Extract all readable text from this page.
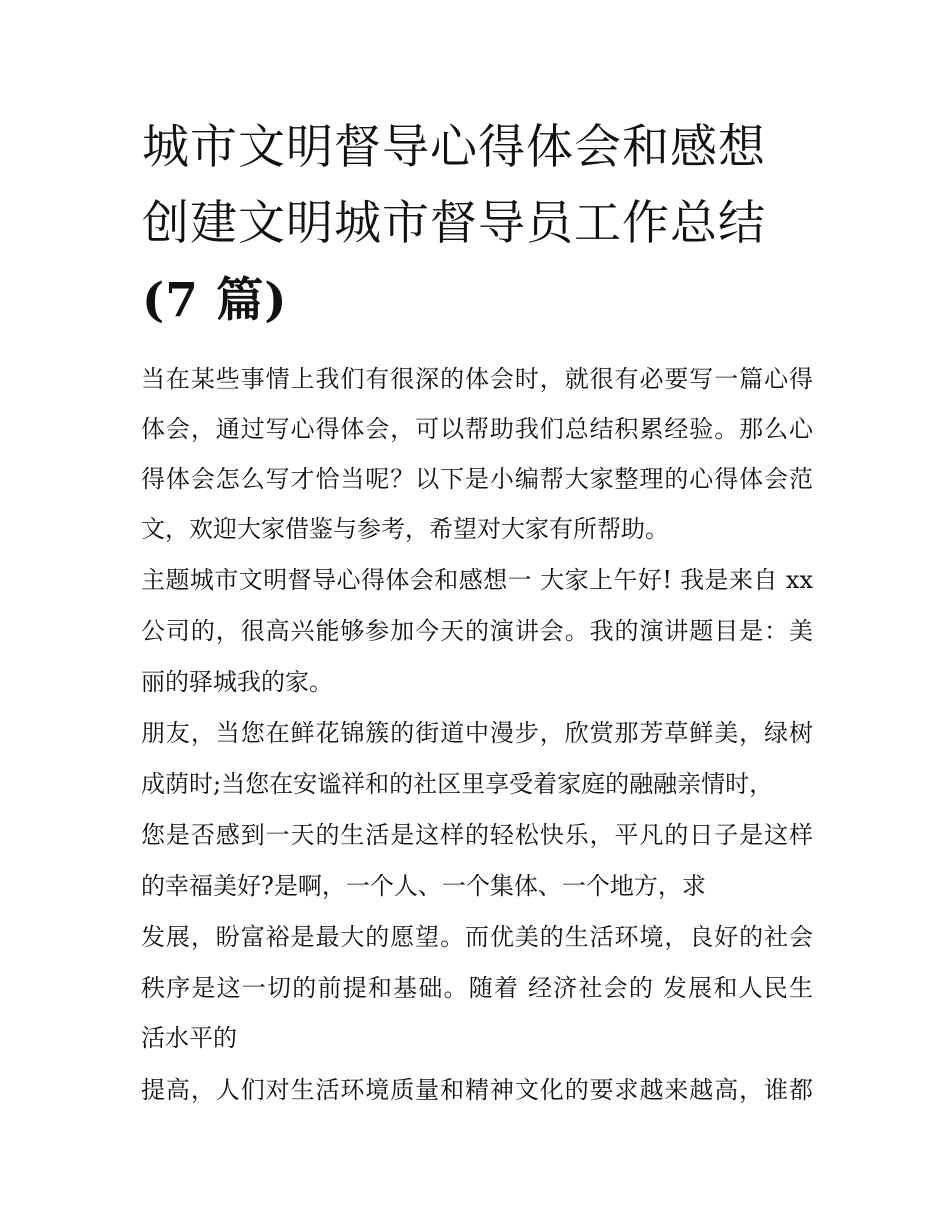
城市文明督导心得体会和感想
创建文明城市督导员工作总结
(7 篇)

当在某些事情上我们有很深的体会时，就很有必要写一篇心得

体会，通过写心得体会，可以帮助我们总结积累经验。那么心

得体会怎么写才恰当呢？以下是小编帮大家整理的心得体会范

文，欢迎大家借鉴与参考，希望对大家有所帮助。

主题城市文明督导心得体会和感想一 大家上午好! 我是来自 xx

公司的，很高兴能够参加今天的演讲会。我的演讲题目是：美

丽的驿城我的家。

朋友，当您在鲜花锦簇的街道中漫步，欣赏那芳草鲜美，绿树

成荫时;当您在安谧祥和的社区里享受着家庭的融融亲情时，

您是否感到一天的生活是这样的轻松快乐，平凡的日子是这样

的幸福美好?是啊，一个人、一个集体、一个地方，求

发展，盼富裕是最大的愿望。而优美的生活环境，良好的社会

秩序是这一切的前提和基础。随着 经济社会的 发展和人民生

活水平的

提高，人们对生活环境质量和精神文化的要求越来越高，谁都
